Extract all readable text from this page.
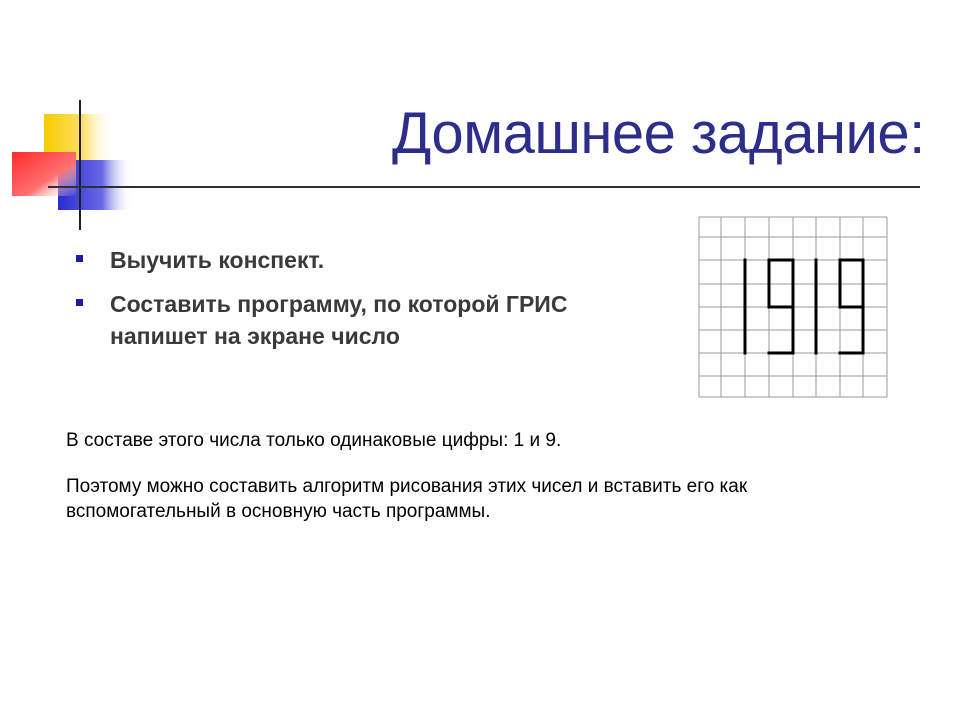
Домашнее задание:
Выучить конспект.
Составить программу, по которой ГРИС напишет на экране число

В составе этого числа только одинаковые цифры: 1 и 9.

Поэтому можно составить алгоритм рисования этих чисел и вставить его как вспомогательный в основную часть программы.
